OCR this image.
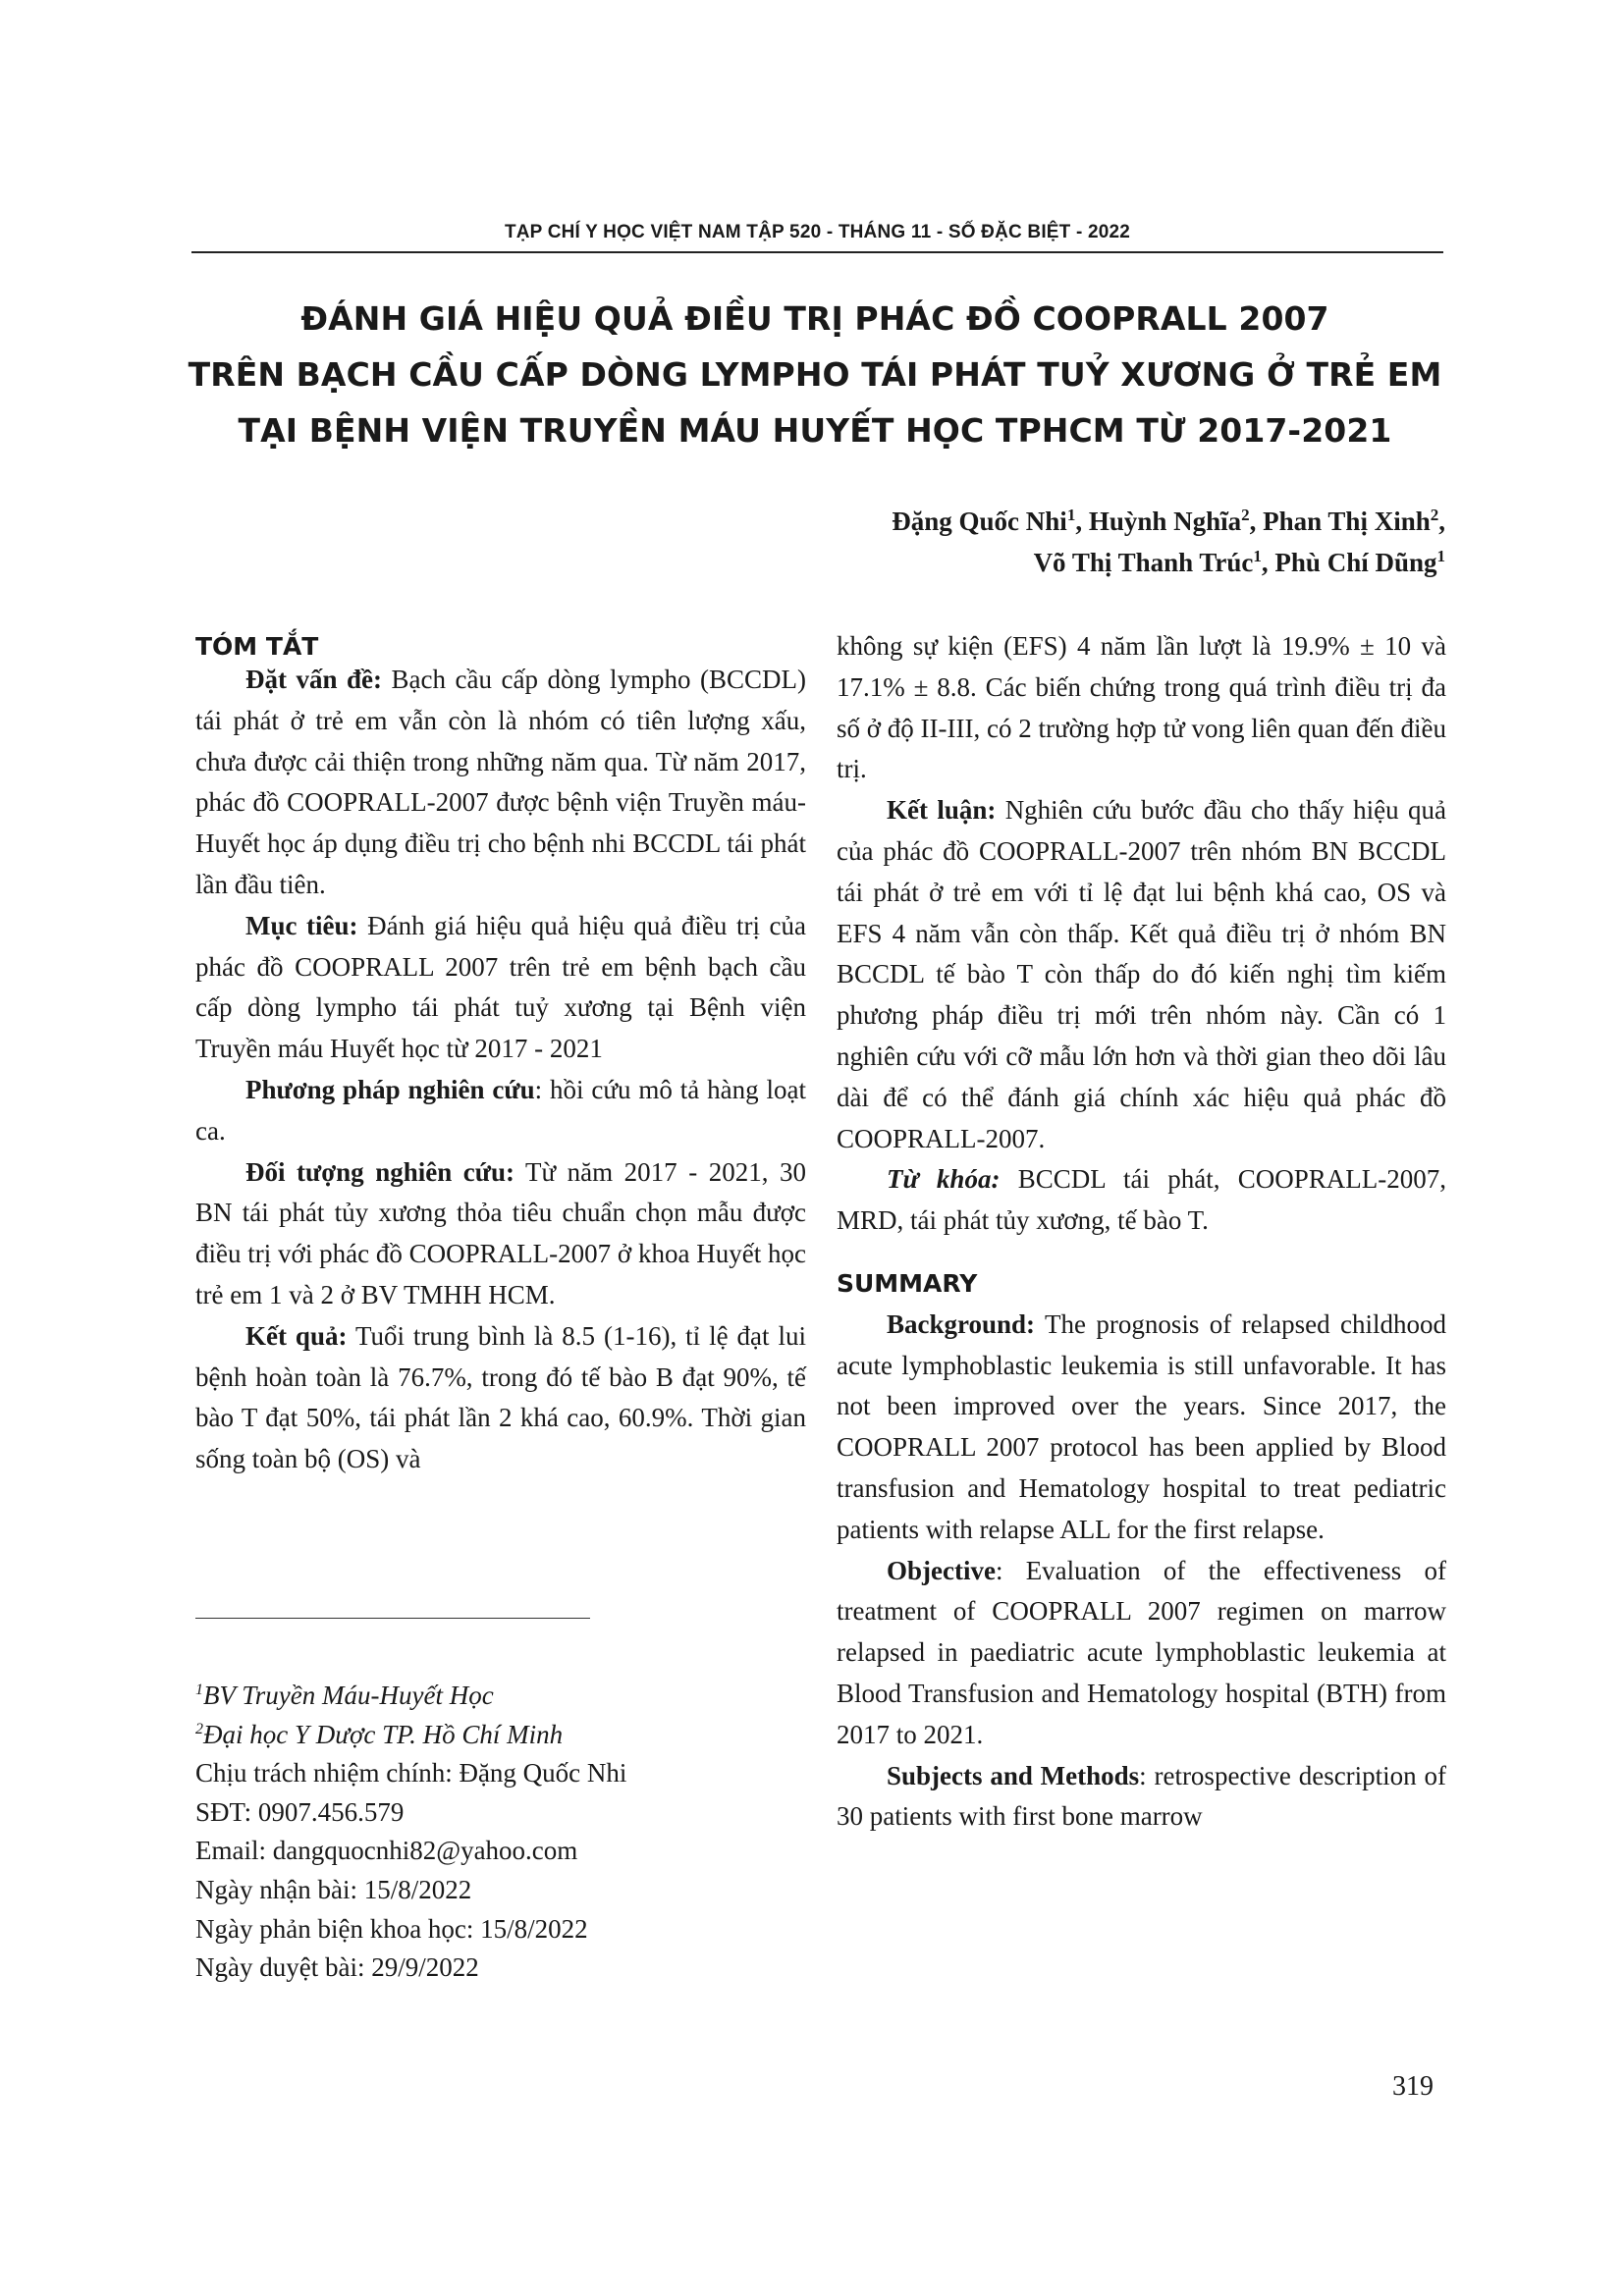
TẠP CHÍ Y HỌC VIỆT NAM TẬP 520 - THÁNG 11 - SỐ ĐẶC BIỆT - 2022
ĐÁNH GIÁ HIỆU QUẢ ĐIỀU TRỊ PHÁC ĐỒ COOPRALL 2007
TRÊN BẠCH CẦU CẤP DÒNG LYMPHO TÁI PHÁT TUỶ XƯƠNG Ở TRẺ EM
TẠI BỆNH VIỆN TRUYỀN MÁU HUYẾT HỌC TPHCM TỪ 2017-2021
Đặng Quốc Nhi$^1$, Huỳnh Nghĩa$^2$, Phan Thị Xinh$^2$,
Võ Thị Thanh Trúc$^1$, Phù Chí Dũng$^1$
TÓM TẮT

Đặt vấn đề: Bạch cầu cấp dòng lympho (BCCDL) tái phát ở trẻ em vẫn còn là nhóm có tiên lượng xấu, chưa được cải thiện trong những năm qua. Từ năm 2017, phác đồ COOPRALL-2007 được bệnh viện Truyền máu- Huyết học áp dụng điều trị cho bệnh nhi BCCDL tái phát lần đầu tiên.

Mục tiêu: Đánh giá hiệu quả hiệu quả điều trị của phác đồ COOPRALL 2007 trên trẻ em bệnh bạch cầu cấp dòng lympho tái phát tuỷ xương tại Bệnh viện Truyền máu Huyết học từ 2017 - 2021

Phương pháp nghiên cứu: hồi cứu mô tả hàng loạt ca.

Đối tượng nghiên cứu: Từ năm 2017 - 2021, 30 BN tái phát tủy xương thỏa tiêu chuẩn chọn mẫu được điều trị với phác đồ COOPRALL-2007 ở khoa Huyết học trẻ em 1 và 2 ở BV TMHH HCM.

Kết quả: Tuổi trung bình là 8.5 (1-16), tỉ lệ đạt lui bệnh hoàn toàn là 76.7%, trong đó tế bào B đạt 90%, tế bào T đạt 50%, tái phát lần 2 khá cao, 60.9%. Thời gian sống toàn bộ (OS) và

$^1$BV Truyền Máu-Huyết Học
$^2$Đại học Y Dược TP. Hồ Chí Minh
Chịu trách nhiệm chính: Đặng Quốc Nhi
SĐT: 0907.456.579
Email: dangquocnhi82@yahoo.com
Ngày nhận bài: 15/8/2022
Ngày phản biện khoa học: 15/8/2022
Ngày duyệt bài: 29/9/2022

không sự kiện (EFS) 4 năm lần lượt là 19.9% ± 10 và 17.1% ± 8.8. Các biến chứng trong quá trình điều trị đa số ở độ II-III, có 2 trường hợp tử vong liên quan đến điều trị.

Kết luận: Nghiên cứu bước đầu cho thấy hiệu quả của phác đồ COOPRALL-2007 trên nhóm BN BCCDL tái phát ở trẻ em với tỉ lệ đạt lui bệnh khá cao, OS và EFS 4 năm vẫn còn thấp. Kết quả điều trị ở nhóm BN BCCDL tế bào T còn thấp do đó kiến nghị tìm kiếm phương pháp điều trị mới trên nhóm này. Cần có 1 nghiên cứu với cỡ mẫu lớn hơn và thời gian theo dõi lâu dài để có thể đánh giá chính xác hiệu quả phác đồ COOPRALL-2007.

Từ khóa: BCCDL tái phát, COOPRALL-2007, MRD, tái phát tủy xương, tế bào T.

SUMMARY

Background: The prognosis of relapsed childhood acute lymphoblastic leukemia is still unfavorable. It has not been improved over the years. Since 2017, the COOPRALL 2007 protocol has been applied by Blood transfusion and Hematology hospital to treat pediatric patients with relapse ALL for the first relapse.

Objective: Evaluation of the effectiveness of treatment of COOPRALL 2007 regimen on marrow relapsed in paediatric acute lymphoblastic leukemia at Blood Transfusion and Hematology hospital (BTH) from 2017 to 2021.

Subjects and Methods: retrospective description of 30 patients with first bone marrow

319
